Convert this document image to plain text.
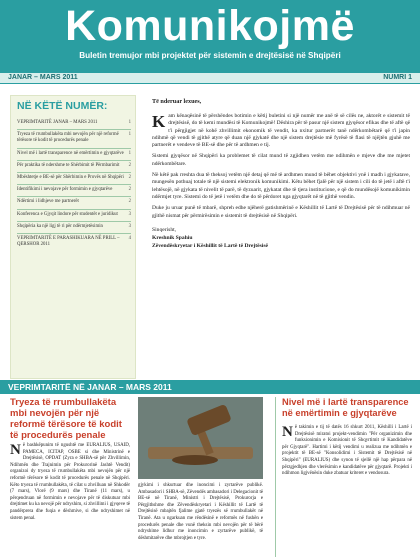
Komunikojmë
Buletin tremujor mbi projektet për sistemin e drejtësisë në Shqipëri
JANAR – MARS 2011	NUMRI 1
NË KËTË NUMËR:
1
VEPRIMTARITË JANAR – MARS 2011
1
Tryeza të rrumbullakëta mbi nevojën për një reformë tërësore të kodit të procedurës penale
1
Nivel më i lartë transparence në emërtimin e gjyqtarëve
2
Për praktika të ndershme te Shërbimit të Përmbarimit
2
Mbështetje e BE-së për Shërbimin e Provës në Shqipëri
2
Identifikimi i nevojave për formimin e gjyqtarëve
2
Ndërtimi i lidhjeve me partnerët
3
Konferenca e Gjyqit lindore për studentët e juridikut
3
Shqipëria ka një ligj të ri për ndërmjetësimin
4
VEPRIMTARITË E PARASHIKUARA NË PRILL – QERSHOR 2011
Të nderuar lexues,

Kam kënaqësinë të përshëndes botimin e këtij buletini si një numër me anë të së cilës ne, aktorët e sistemit të drejtësisë, do të kemi mundësi të Komunikojmë! Dëshira për të pasur një sistem gjyqësor efikas dhe të aftë që t'i përgjigjet në kohë zhvillimit ekonomik të vendit, ka nxitur partnerët tanë ndërkombëtarë që t'i japin ndihmë që vendi të gjithë atyre që duan një gjykatë dhe një sistem drejtësie më fyrësë të flasi të njëjtën gjuhë me partnerët e vendeve të BE-së dhe për të ardhmen e tij.

Sistemi gjyqësor në Shqipëri ka problemet të cilat mund të zgjidhen vetëm me ndihmën e mjeve dhe me mjetet ndërkombëtare.

Në këtë pak rreshta dua të theksoj vetëm një detaj që më të ardhmen mund të bëhet objektivi ynë i madh i gjykatave, mungesën pothuaj totale të një sistemi elektronik komunikimi. Këtu bëhet fjalë për një sistem i cili do të jetë i aftë t'i lehtësojë, në gjykata të nivelit të parë, të dyzuarit, gjykatat dhe të tjera institucione, e që do mundësojë komunikimin ndërmjet tyre. Sistemi do të jetë i vetëm dhe do të përdoret nga gjyqtarët në të gjithë vendin.

Duke ju uruar punë të mbarë, shpreh edhe njëherë gatishmërinë e Këshillit të Lartë të Drejtësisë për të ndihmuar në gjithë nismat për përmirësimin e sistemit të drejtësisë në Shqipëri.

Sinqerisht,
Kreshnik Spahiu
Zëvendëskryetar i Këshillit të Lartë të Drejtësisë
VEPRIMTARITË NË JANAR – MARS 2011
Tryeza të rrumbullakëta mbi nevojën për një reformë tërësore të kodit të procedurës penale
Në bashkëpunim të ngushtë me EURALIUS, USAID, PAMECA, ICITAP, OSBE si dhe Ministrinë e Drejtësisë, OPDAT (Zyra e SHBA-së për Zhvillimin, Ndihmën dhe Trajnimin për Prokurorinë Jashtë Vendit) organizoi dy tryeza të rrumbullakëta mbi nevojën për një reformë tërësore të kodit të procedurës penale në Shqipëri. Këto tryeza të rrumbullakëta, të cilat u zhvilluan në Shkodër (7 mars), Vlorë (9 mars) dhe Tiranë (11 mars), u përqendruan në formimin e nevojave për të diskutuar mbi drejtimet ku ka nevojë për ndryshim, si zhvillimi i gjyqeve të pandërprera dhe fuqia e dëshmive, si dhe ndryshimet në sistem penal.
gjykimi i shkurtuar dhe inoncimi i zyrtarëve publikë. Ambasadori i SHBA-së, Zëvendës ambasadori i Delegacionit të BE-së në Tiranë, Ministri i Drejtësisë, Prokurorja e Përgjithshme dhe Zëvendëskryetari i Këshillit të Lartë të Drejtësisë mbajtën fjalime gjatë tryezës së rrumbullakët në Tiranë. Ata u ngarkuan me rëndësinë e reformës në fushën e procedurës penale dhe vunë theksin mbi nevojën për të bërë ndryshime lidhur me inoncimin e zyrtarëve publikë, të dëshmitarëve dhe mbrojtjen e tyre.
Nivel më i lartë transparence në emërtimin e gjyqtarëve
Në takimin e tij të datës 16 shkurt 2011, Këshilli i Lartë i Drejtësisë miratoi projekt-vendimin "Për organizimin dhe funksionimin e Komisionit të Shqyrtimit të Kandidatëve për Gjyqtarë". Hartimi i këtij vendimi u realizua me ndihmën e projektit të BE-së "Konsolidimi i Sistemit të Drejtësisë në Shqipëri" (EURALIUS) dhe synon të sjellë një hap përpara në përzgjedhjen dhe vlerësimin e kandidatëve për gjyqtarë. Projekti i ndihmon ligjvënësin duke zbatuar kriteret e vendosura.
